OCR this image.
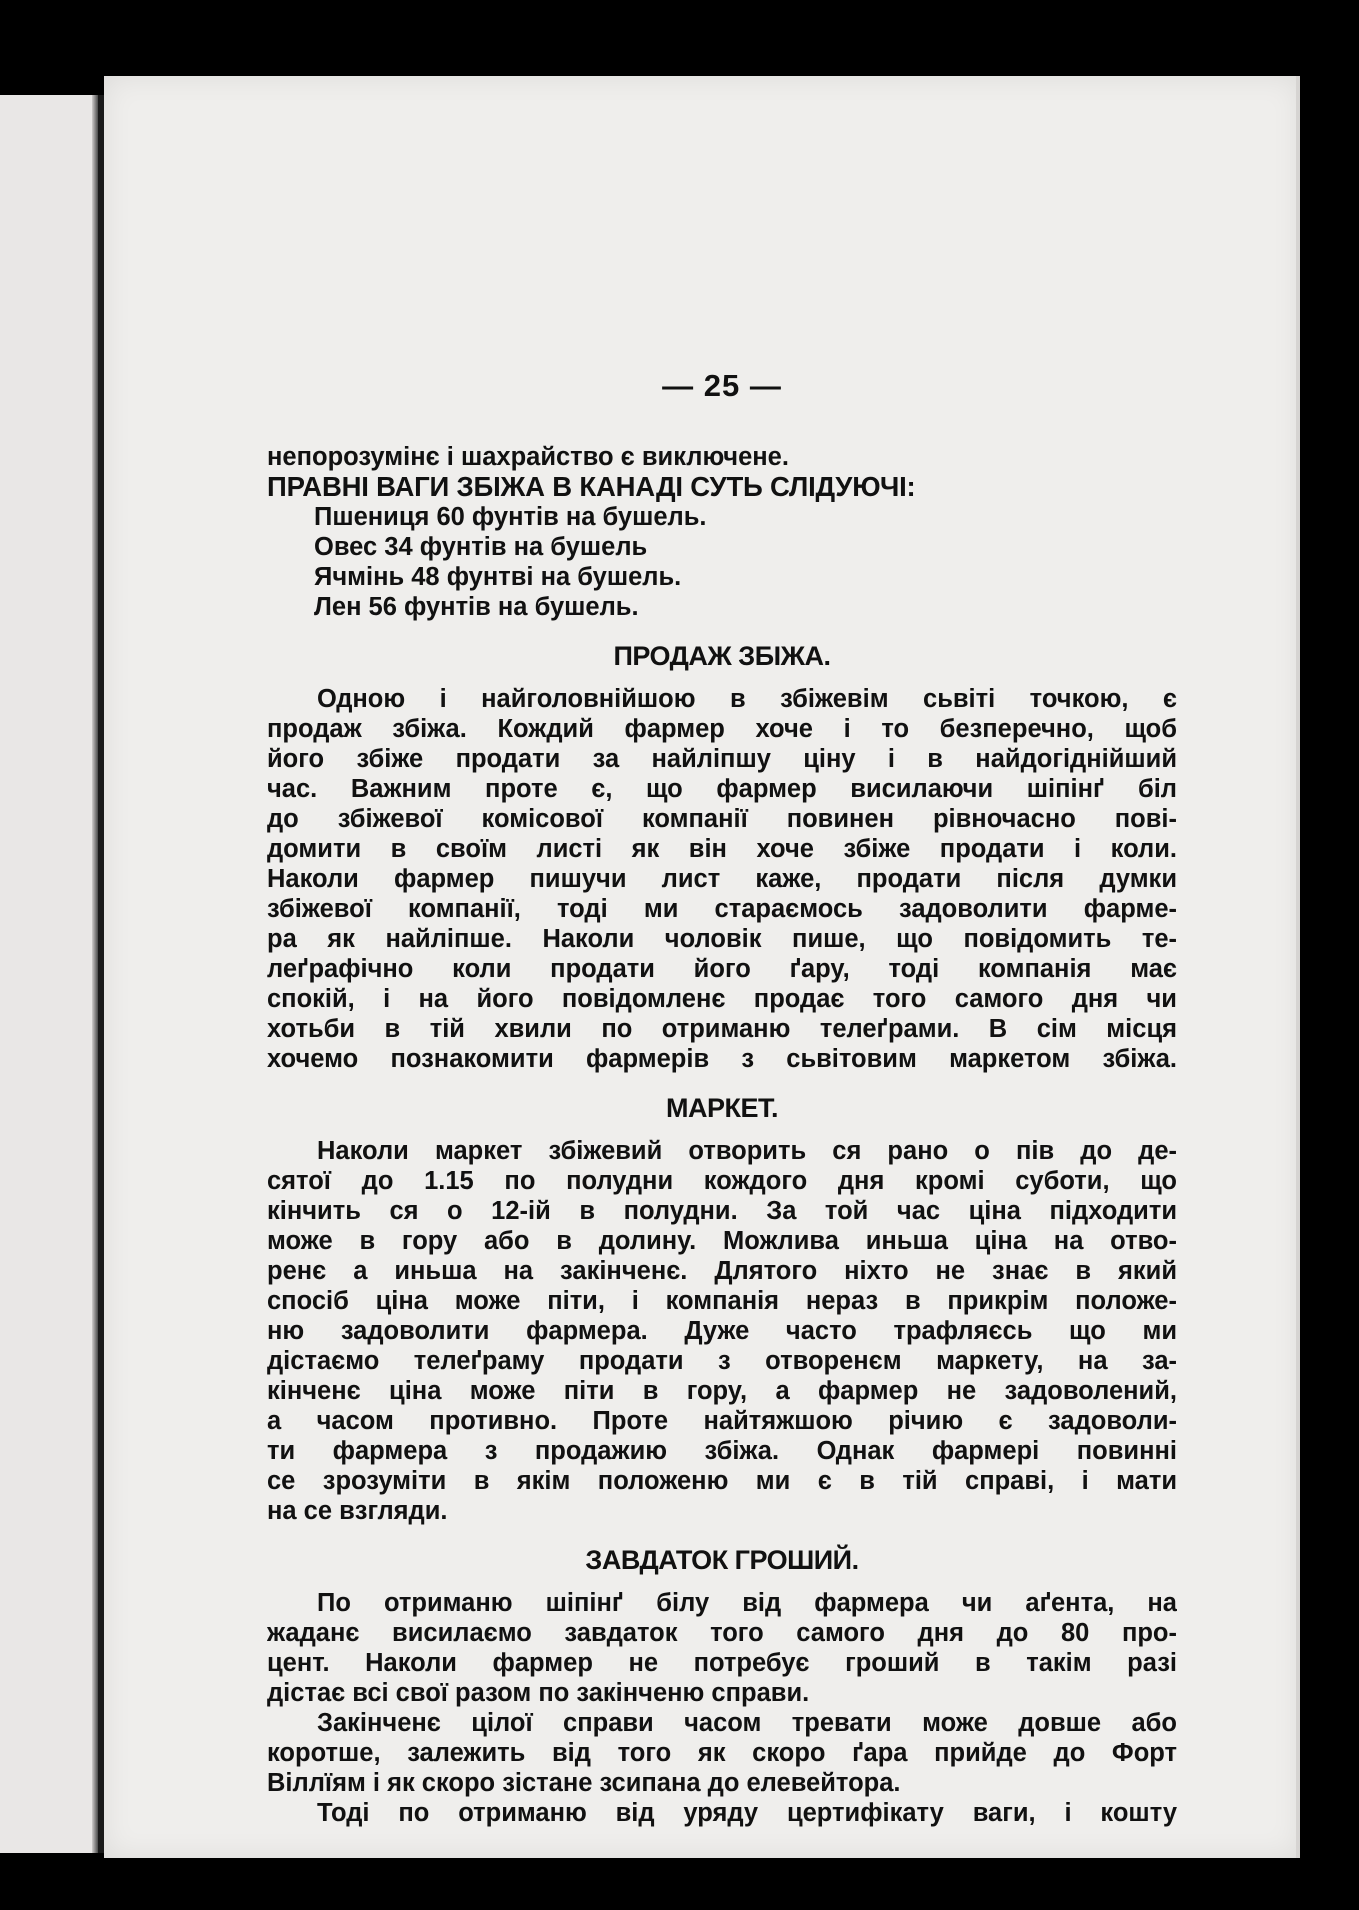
— 25 —

непорозумінє і шахрайство є виключене.

ПРАВНІ ВАГИ ЗБІЖА В КАНАДІ СУТЬ СЛІДУЮЧІ:

Пшениця 60 фунтів на бушель.

Овес 34 фунтів на бушель

Ячмінь 48 фунтві на бушель.

Лен 56 фунтів на бушель.

ПРОДАЖ ЗБІЖА.

Одною і найголовнійшою в збіжевім сьвіті точкою, є

продаж збіжа. Кождий фармер хоче і то безперечно, щоб

його збіже продати за найліпшу ціну і в найдогіднійший

час. Важним проте є, що фармер висилаючи шіпінґ біл

до збіжевої комісової компанії повинен рівночасно пові-

домити в своїм листі як він хоче збіже продати і коли.

Наколи фармер пишучи лист каже, продати після думки

збіжевої компанії, тоді ми стараємось задоволити фарме-

ра як найліпше. Наколи чоловік пише, що повідомить те-

леґрафічно коли продати його ґару, тоді компанія має

спокій, і на його повідомленє продає того самого дня чи

хотьби в тій хвили по отриманю телеґрами. В сім місця

хочемо познакомити фармерів з сьвітовим маркетом збіжа.

МАРКЕТ.

Наколи маркет збіжевий отворить ся рано о пів до де-

сятої до 1.15 по полудни кождого дня кромі суботи, що

кінчить ся о 12-ій в полудни. За той час ціна підходити

може в гору або в долину. Можлива иньша ціна на отво-

ренє а иньша на закінченє. Длятого ніхто не знає в який

спосіб ціна може піти, і компанія нераз в прикрім положе-

ню задоволити фармера. Дуже часто трафляєсь що ми

дістаємо телеґраму продати з отворенєм маркету, на за-

кінченє ціна може піти в гору, а фармер не задоволений,

а часом противно. Проте найтяжшою річию є задоволи-

ти фармера з продажию збіжа. Однак фармері повинні

се зрозуміти в якім положеню ми є в тій справі, і мати

на се взгляди.

ЗАВДАТОК ГРОШИЙ.

По отриманю шіпінґ білу від фармера чи аґента, на

жаданє висилаємо завдаток того самого дня до 80 про-

цент. Наколи фармер не потребує гроший в такім разі

дістає всі свої разом по закінченю справи.

Закінченє цілої справи часом тревати може довше або

коротше, залежить від того як скоро ґара прийде до Форт

Віллїям і як скоро зістане зсипана до елевейтора.

Тоді по отриманю від уряду цертифікату ваги, і кошту
